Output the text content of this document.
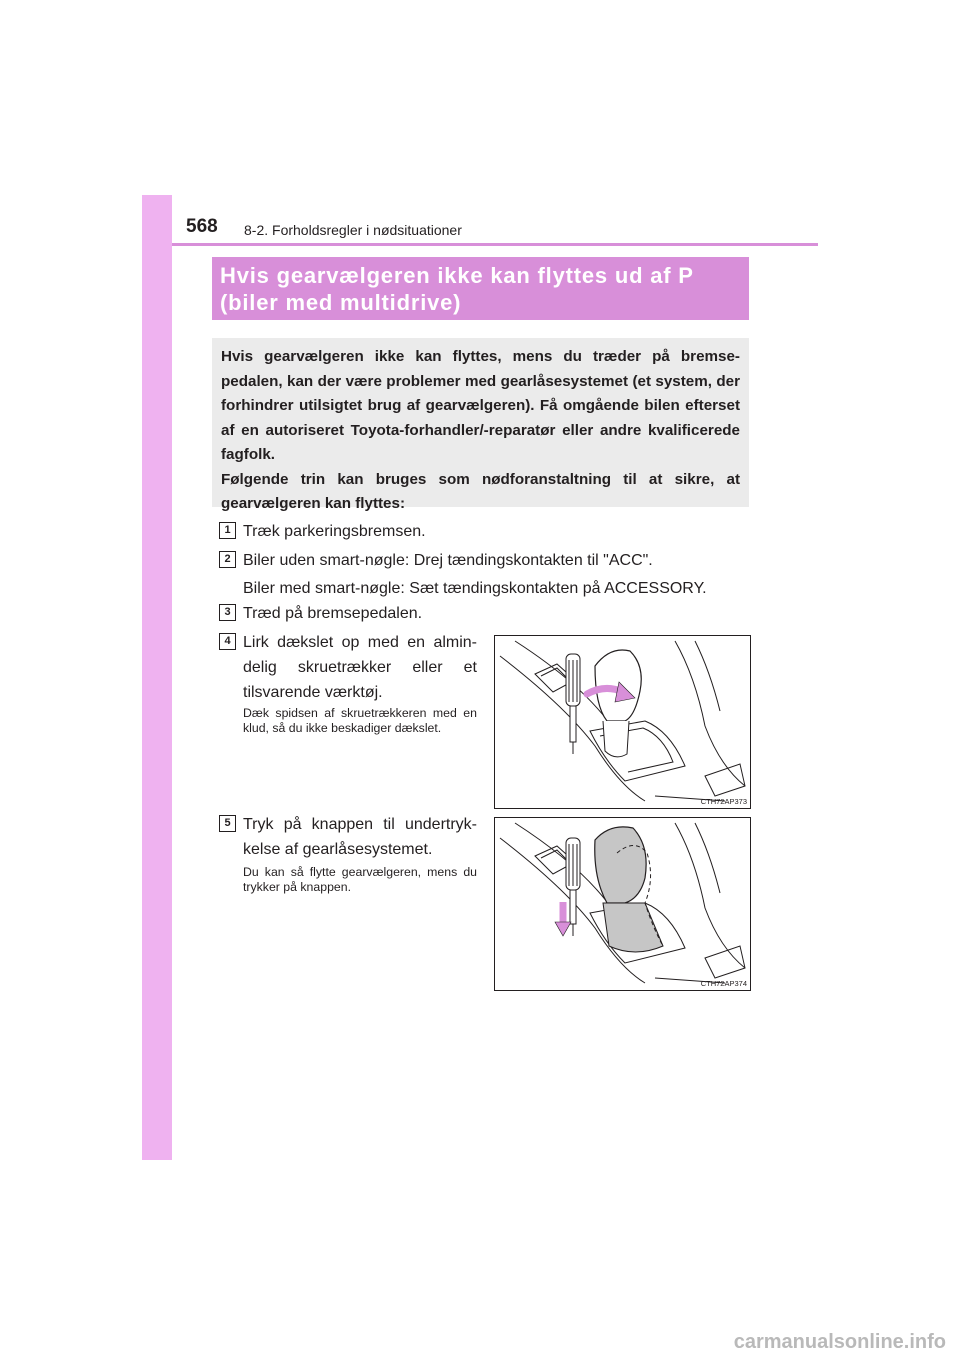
568 8-2. Forholdsregler i nødsituationer
Hvis gearvælgeren ikke kan flyttes ud af P
(biler med multidrive)

Hvis gearvælgeren ikke kan flyttes, mens du træder på bremse-pedalen, kan der være problemer med gearlåsesystemet (et system, der forhindrer utilsigtet brug af gearvælgeren). Få omgående bilen efterset af en autoriseret Toyota-forhandler/-reparatør eller andre kvalificerede fagfolk.

Følgende trin kan bruges som nødforanstaltning til at sikre, at gearvælgeren kan flyttes:

1 Træk parkeringsbremsen.
2 Biler uden smart-nøgle: Drej tændingskontakten til "ACC".
Biler med smart-nøgle: Sæt tændingskontakten på ACCESSORY.
3 Træd på bremsepedalen.
4 Lirk dækslet op med en almin-delig skruetrækker eller et tilsvarende værktøj.
Dæk spidsen af skruetrækkeren med en klud, så du ikke beskadiger dækslet.
5 Tryk på knappen til undertryk-kelse af gearlåsesystemet.
Du kan så flytte gearvælgeren, mens du trykker på knappen.
CTH72AP373
CTH72AP374
carmanualsonline.info
